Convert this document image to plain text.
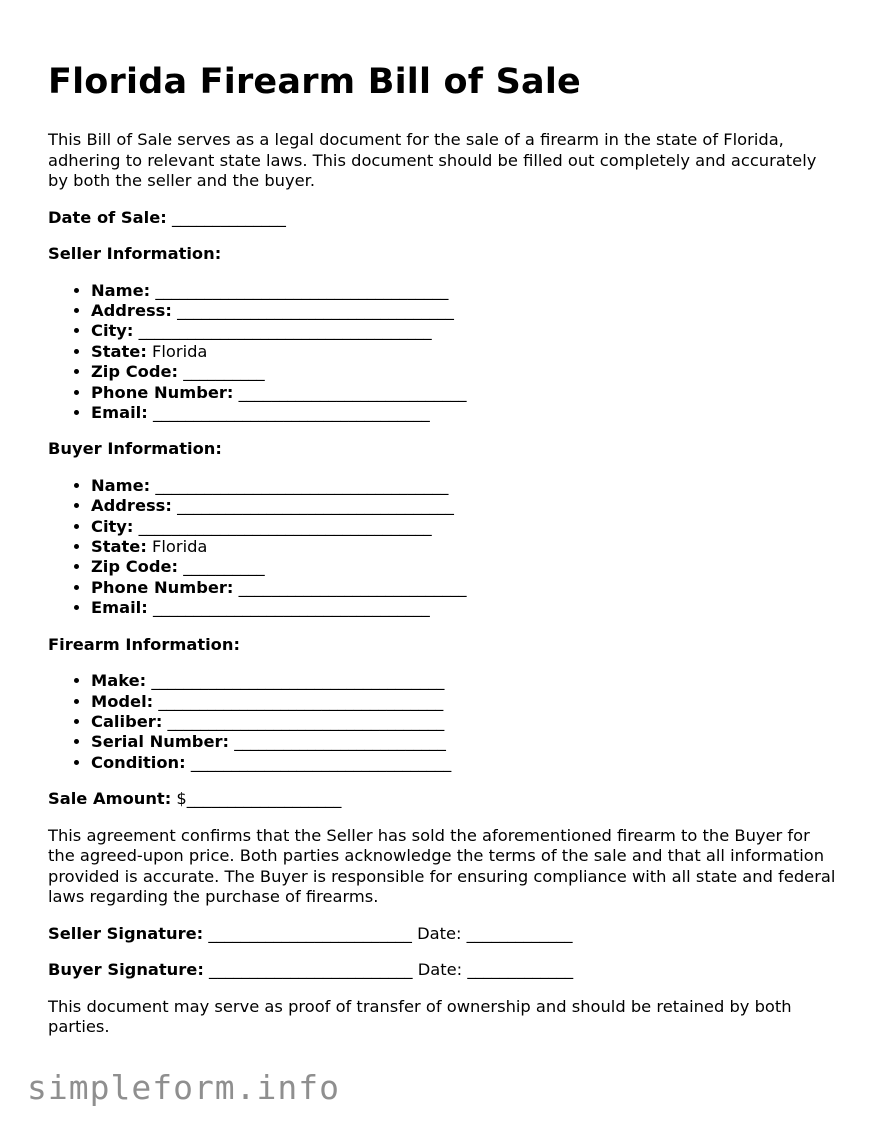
Florida Firearm Bill of Sale

This Bill of Sale serves as a legal document for the sale of a firearm in the state of Florida, adhering to relevant state laws. This document should be filled out completely and accurately by both the seller and the buyer.

Date of Sale: ______________

Seller Information:

• Name: ____________________________________
• Address: __________________________________
• City: ____________________________________
• State: Florida
• Zip Code: __________
• Phone Number: ____________________________
• Email: __________________________________

Buyer Information:

• Name: ____________________________________
• Address: __________________________________
• City: ____________________________________
• State: Florida
• Zip Code: __________
• Phone Number: ____________________________
• Email: __________________________________

Firearm Information:

• Make: ____________________________________
• Model: ___________________________________
• Caliber: __________________________________
• Serial Number: __________________________
• Condition: ________________________________

Sale Amount: $___________________

This agreement confirms that the Seller has sold the aforementioned firearm to the Buyer for the agreed-upon price. Both parties acknowledge the terms of the sale and that all information provided is accurate. The Buyer is responsible for ensuring compliance with all state and federal laws regarding the purchase of firearms.

Seller Signature: _________________________ Date: _____________

Buyer Signature: _________________________ Date: _____________

This document may serve as proof of transfer of ownership and should be retained by both parties.

simpleform.info
